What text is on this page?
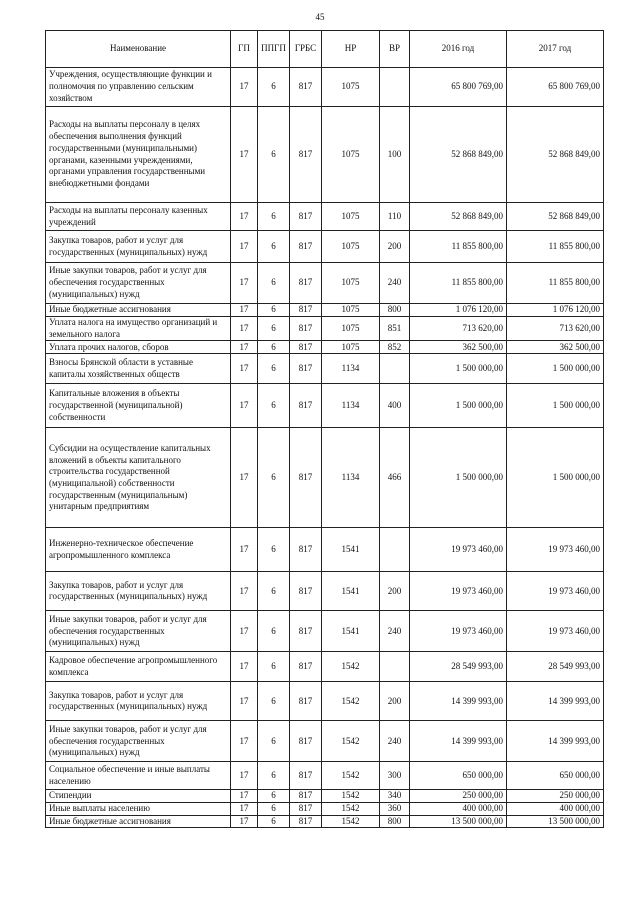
45
Наименование	ГП	ППГП	ГРБС	НР	ВР	2016 год	2017 год
Учреждения, осуществляющие функции и полномочия по управлению сельским хозяйством	17	6	817	1075		65 800 769,00	65 800 769,00
Расходы на выплаты персоналу в целях обеспечения выполнения функций государственными (муниципальными) органами, казенными учреждениями, органами управления государственными внебюджетными фондами	17	6	817	1075	100	52 868 849,00	52 868 849,00
Расходы на выплаты персоналу казенных учреждений	17	6	817	1075	110	52 868 849,00	52 868 849,00
Закупка товаров, работ и услуг для государственных (муниципальных) нужд	17	6	817	1075	200	11 855 800,00	11 855 800,00
Иные закупки товаров, работ и услуг для обеспечения государственных (муниципальных) нужд	17	6	817	1075	240	11 855 800,00	11 855 800,00
Иные бюджетные ассигнования	17	6	817	1075	800	1 076 120,00	1 076 120,00
Уплата налога на имущество организаций и земельного налога	17	6	817	1075	851	713 620,00	713 620,00
Уплата прочих налогов, сборов	17	6	817	1075	852	362 500,00	362 500,00
Взносы Брянской области в уставные капиталы хозяйственных обществ	17	6	817	1134		1 500 000,00	1 500 000,00
Капитальные вложения в объекты государственной (муниципальной) собственности	17	6	817	1134	400	1 500 000,00	1 500 000,00
Субсидии на осуществление капитальных вложений в объекты капитального строительства государственной (муниципальной) собственности государственным (муниципальным) унитарным предприятиям	17	6	817	1134	466	1 500 000,00	1 500 000,00
Инженерно-техническое обеспечение агропромышленного комплекса	17	6	817	1541		19 973 460,00	19 973 460,00
Закупка товаров, работ и услуг для государственных (муниципальных) нужд	17	6	817	1541	200	19 973 460,00	19 973 460,00
Иные закупки товаров, работ и услуг для обеспечения государственных (муниципальных) нужд	17	6	817	1541	240	19 973 460,00	19 973 460,00
Кадровое обеспечение агропромышленного комплекса	17	6	817	1542		28 549 993,00	28 549 993,00
Закупка товаров, работ и услуг для государственных (муниципальных) нужд	17	6	817	1542	200	14 399 993,00	14 399 993,00
Иные закупки товаров, работ и услуг для обеспечения государственных (муниципальных) нужд	17	6	817	1542	240	14 399 993,00	14 399 993,00
Социальное обеспечение и иные выплаты населению	17	6	817	1542	300	650 000,00	650 000,00
Стипендии	17	6	817	1542	340	250 000,00	250 000,00
Иные выплаты населению	17	6	817	1542	360	400 000,00	400 000,00
Иные бюджетные ассигнования	17	6	817	1542	800	13 500 000,00	13 500 000,00
